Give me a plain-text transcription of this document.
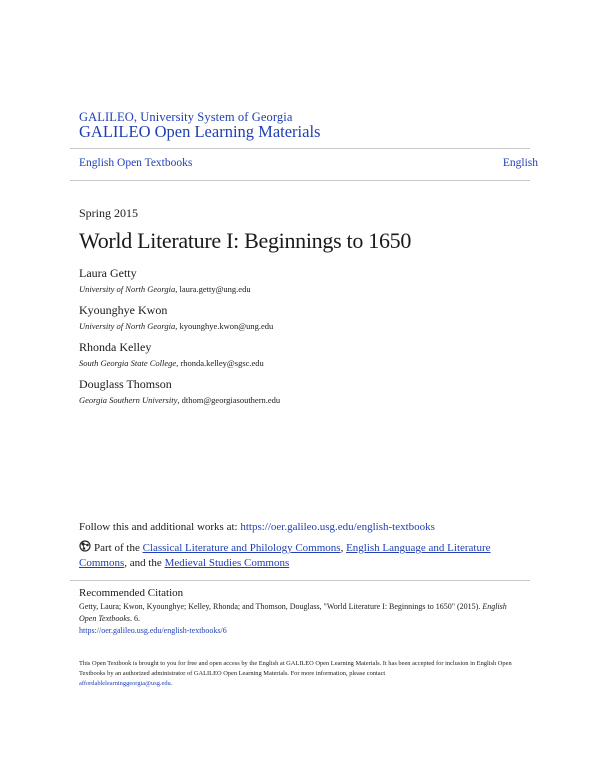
GALILEO, University System of Georgia
GALILEO Open Learning Materials
English Open Textbooks	English
Spring 2015
World Literature I: Beginnings to 1650
Laura Getty
University of North Georgia, laura.getty@ung.edu
Kyounghye Kwon
University of North Georgia, kyounghye.kwon@ung.edu
Rhonda Kelley
South Georgia State College, rhonda.kelley@sgsc.edu
Douglass Thomson
Georgia Southern University, dthom@georgiasouthern.edu
Follow this and additional works at: https://oer.galileo.usg.edu/english-textbooks
Part of the Classical Literature and Philology Commons, English Language and Literature Commons, and the Medieval Studies Commons
Recommended Citation
Getty, Laura; Kwon, Kyounghye; Kelley, Rhonda; and Thomson, Douglass, "World Literature I: Beginnings to 1650" (2015). English Open Textbooks. 6.
https://oer.galileo.usg.edu/english-textbooks/6
This Open Textbook is brought to you for free and open access by the English at GALILEO Open Learning Materials. It has been accepted for inclusion in English Open Textbooks by an authorized administrator of GALILEO Open Learning Materials. For more information, please contact
affordablelearninggeorgia@usg.edu.
